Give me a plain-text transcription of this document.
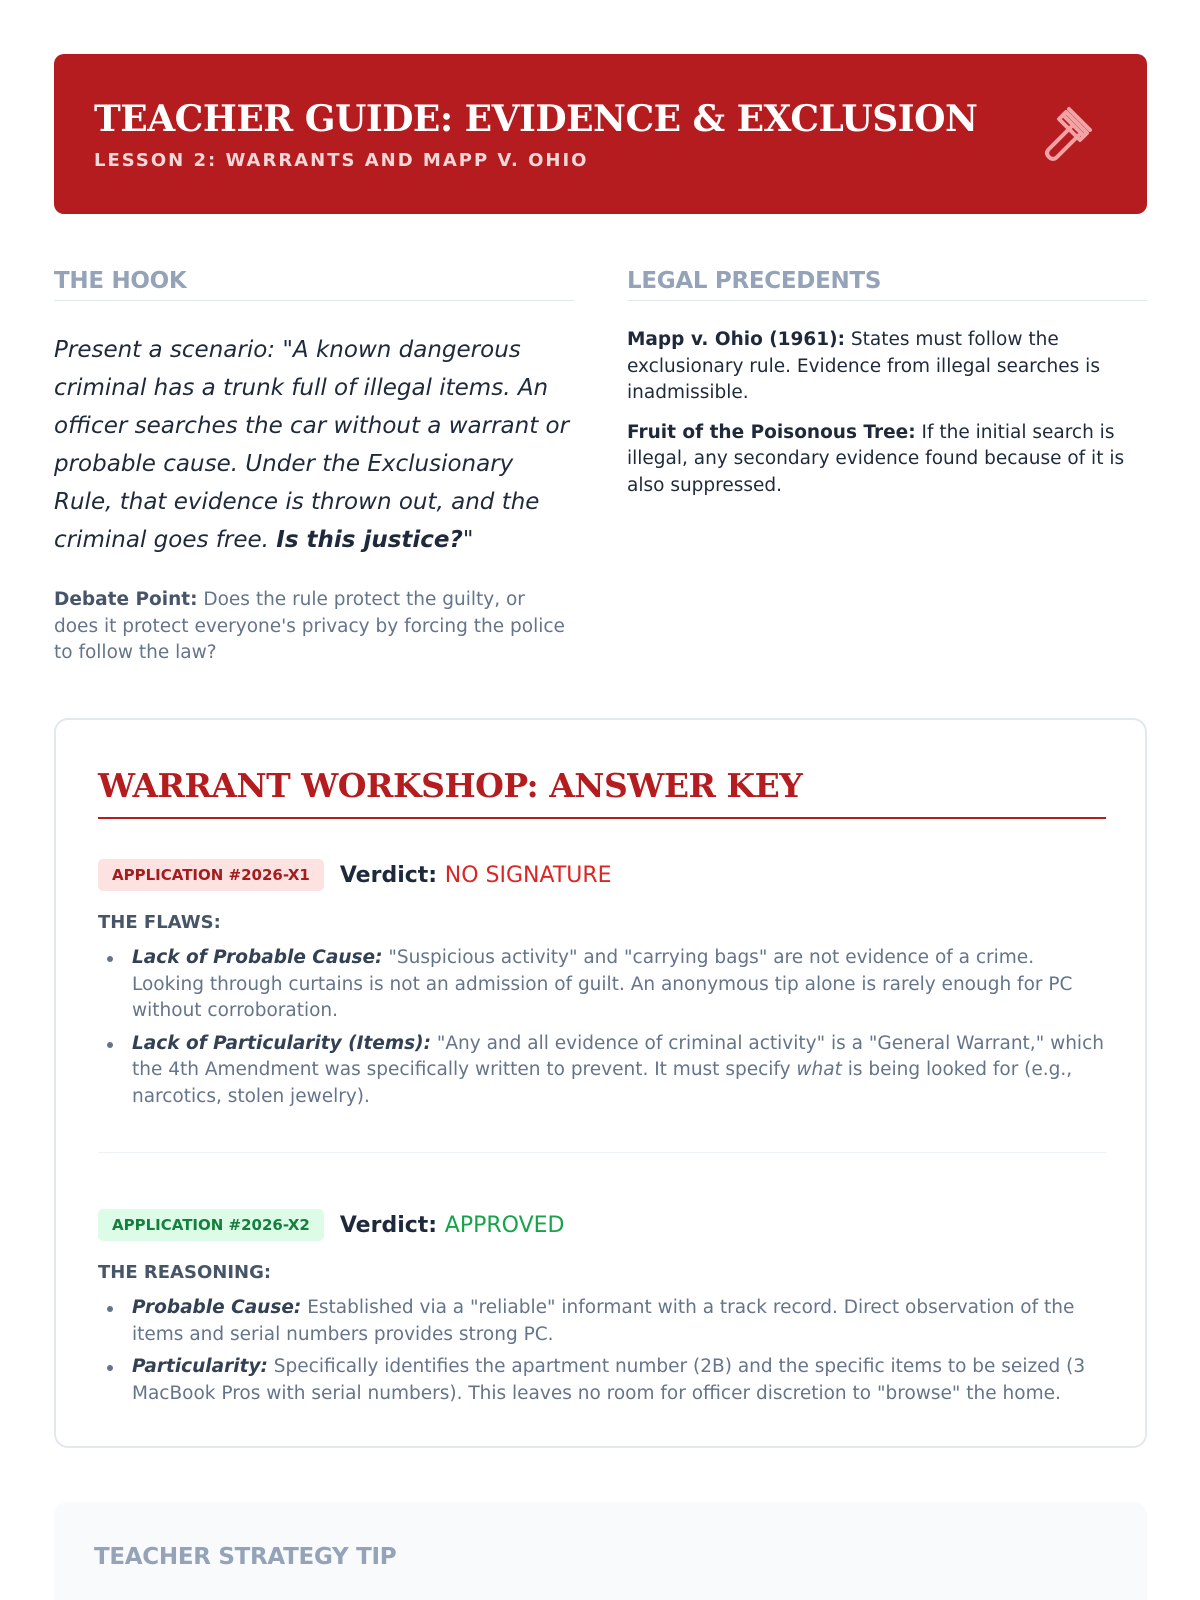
TEACHER GUIDE: EVIDENCE & EXCLUSION
LESSON 2: WARRANTS AND MAPP V. OHIO
THE HOOK

Present a scenario: "A known dangerous criminal has a trunk full of illegal items. An officer searches the car without a warrant or probable cause. Under the Exclusionary Rule, that evidence is thrown out, and the criminal goes free. Is this justice?"

Debate Point: Does the rule protect the guilty, or does it protect everyone's privacy by forcing the police to follow the law?

LEGAL PRECEDENTS

Mapp v. Ohio (1961): States must follow the exclusionary rule. Evidence from illegal searches is inadmissible.

Fruit of the Poisonous Tree: If the initial search is illegal, any secondary evidence found because of it is also suppressed.

WARRANT WORKSHOP: ANSWER KEY
APPLICATION #2026-X1	Verdict: NO SIGNATURE
THE FLAWS:
Lack of Probable Cause: "Suspicious activity" and "carrying bags" are not evidence of a crime. Looking through curtains is not an admission of guilt. An anonymous tip alone is rarely enough for PC without corroboration.
Lack of Particularity (Items): "Any and all evidence of criminal activity" is a "General Warrant," which the 4th Amendment was specifically written to prevent. It must specify what is being looked for (e.g., narcotics, stolen jewelry).
APPLICATION #2026-X2	Verdict: APPROVED
THE REASONING:
Probable Cause: Established via a "reliable" informant with a track record. Direct observation of the items and serial numbers provides strong PC.
Particularity: Specifically identifies the apartment number (2B) and the specific items to be seized (3 MacBook Pros with serial numbers). This leaves no room for officer discretion to "browse" the home.
TEACHER STRATEGY TIP
